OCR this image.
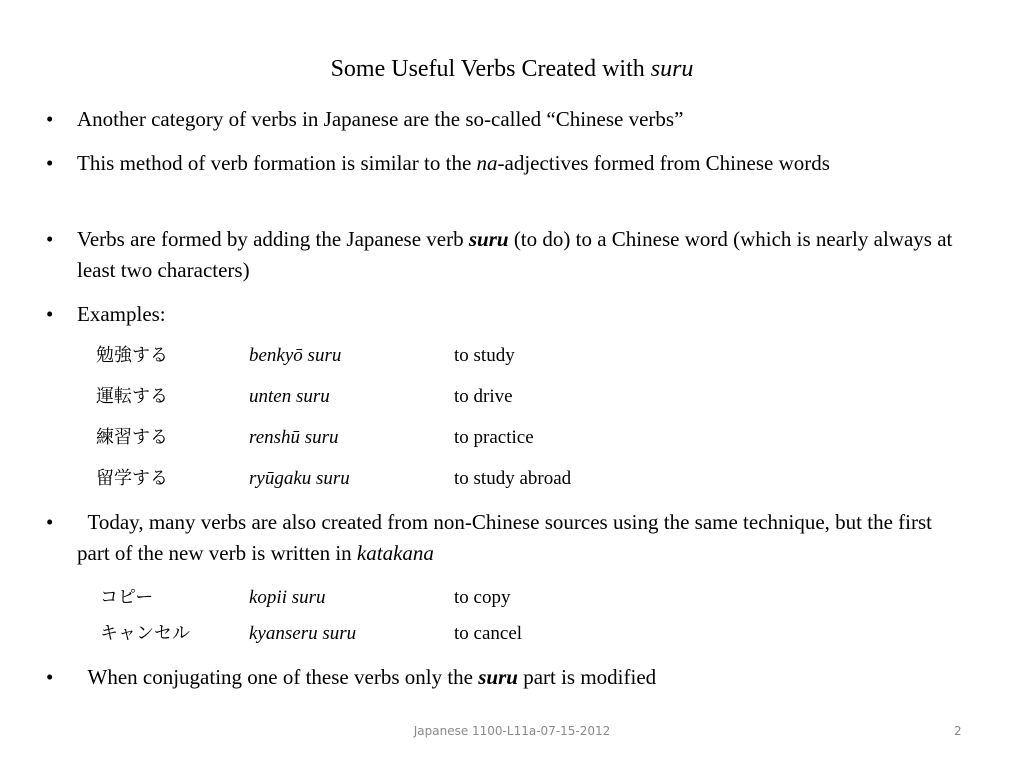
Some Useful Verbs Created with suru
• Another category of verbs in Japanese are the so-called “Chinese verbs”
• This method of verb formation is similar to the na-adjectives formed from Chinese words
• Verbs are formed by adding the Japanese verb suru (to do) to a Chinese word (which is nearly always at least two characters)
• Examples:
勉強する	benkyō suru	to study
運転する	unten suru	to drive
練習する	renshū suru	to practice
留学する	ryūgaku suru	to study abroad
•	Today, many verbs are also created from non-Chinese sources using the same technique, but the first part of the new verb is written in katakana
コピー	kopii suru	to copy
キャンセル	kyanseru suru	to cancel
•	When conjugating one of these verbs only the suru part is modified
Japanese 1100-L11a-07-15-2012	2
